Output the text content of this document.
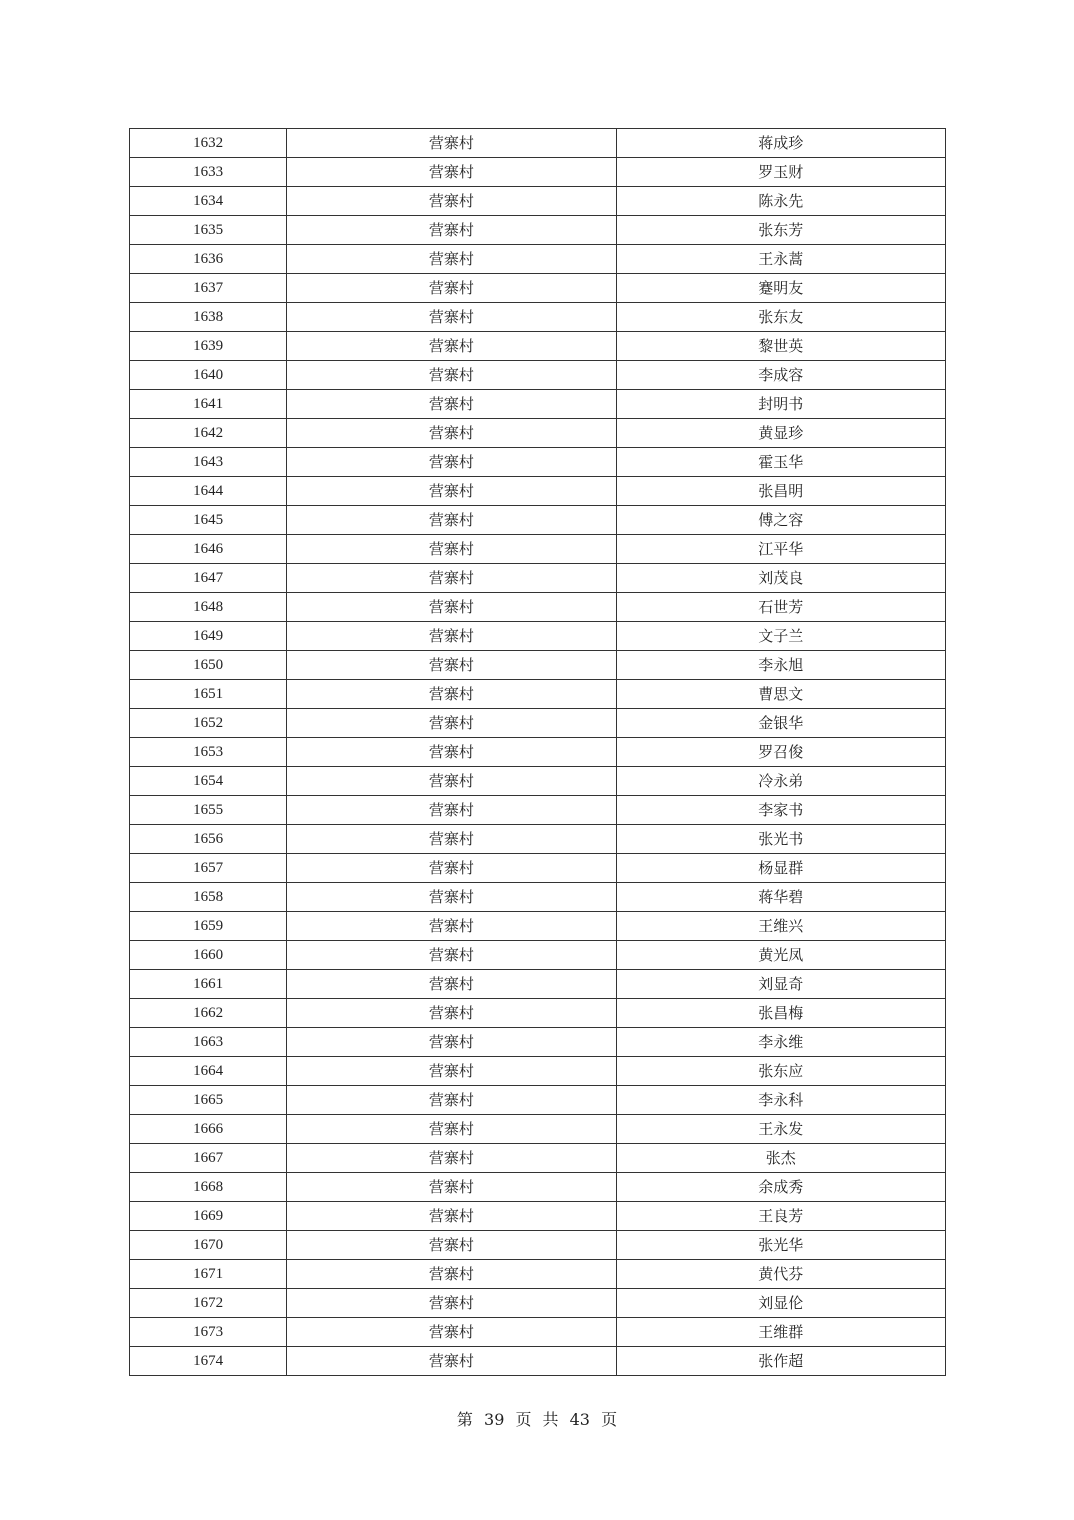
1632	营寨村	蒋成珍
1633	营寨村	罗玉财
1634	营寨村	陈永先
1635	营寨村	张东芳
1636	营寨村	王永蒿
1637	营寨村	蹇明友
1638	营寨村	张东友
1639	营寨村	黎世英
1640	营寨村	李成容
1641	营寨村	封明书
1642	营寨村	黄显珍
1643	营寨村	霍玉华
1644	营寨村	张昌明
1645	营寨村	傅之容
1646	营寨村	江平华
1647	营寨村	刘茂良
1648	营寨村	石世芳
1649	营寨村	文子兰
1650	营寨村	李永旭
1651	营寨村	曹思文
1652	营寨村	金银华
1653	营寨村	罗召俊
1654	营寨村	冷永弟
1655	营寨村	李家书
1656	营寨村	张光书
1657	营寨村	杨显群
1658	营寨村	蒋华碧
1659	营寨村	王维兴
1660	营寨村	黄光凤
1661	营寨村	刘显奇
1662	营寨村	张昌梅
1663	营寨村	李永维
1664	营寨村	张东应
1665	营寨村	李永科
1666	营寨村	王永发
1667	营寨村	张杰
1668	营寨村	余成秀
1669	营寨村	王良芳
1670	营寨村	张光华
1671	营寨村	黄代芬
1672	营寨村	刘显伦
1673	营寨村	王维群
1674	营寨村	张作超
第 39 页 共 43 页
